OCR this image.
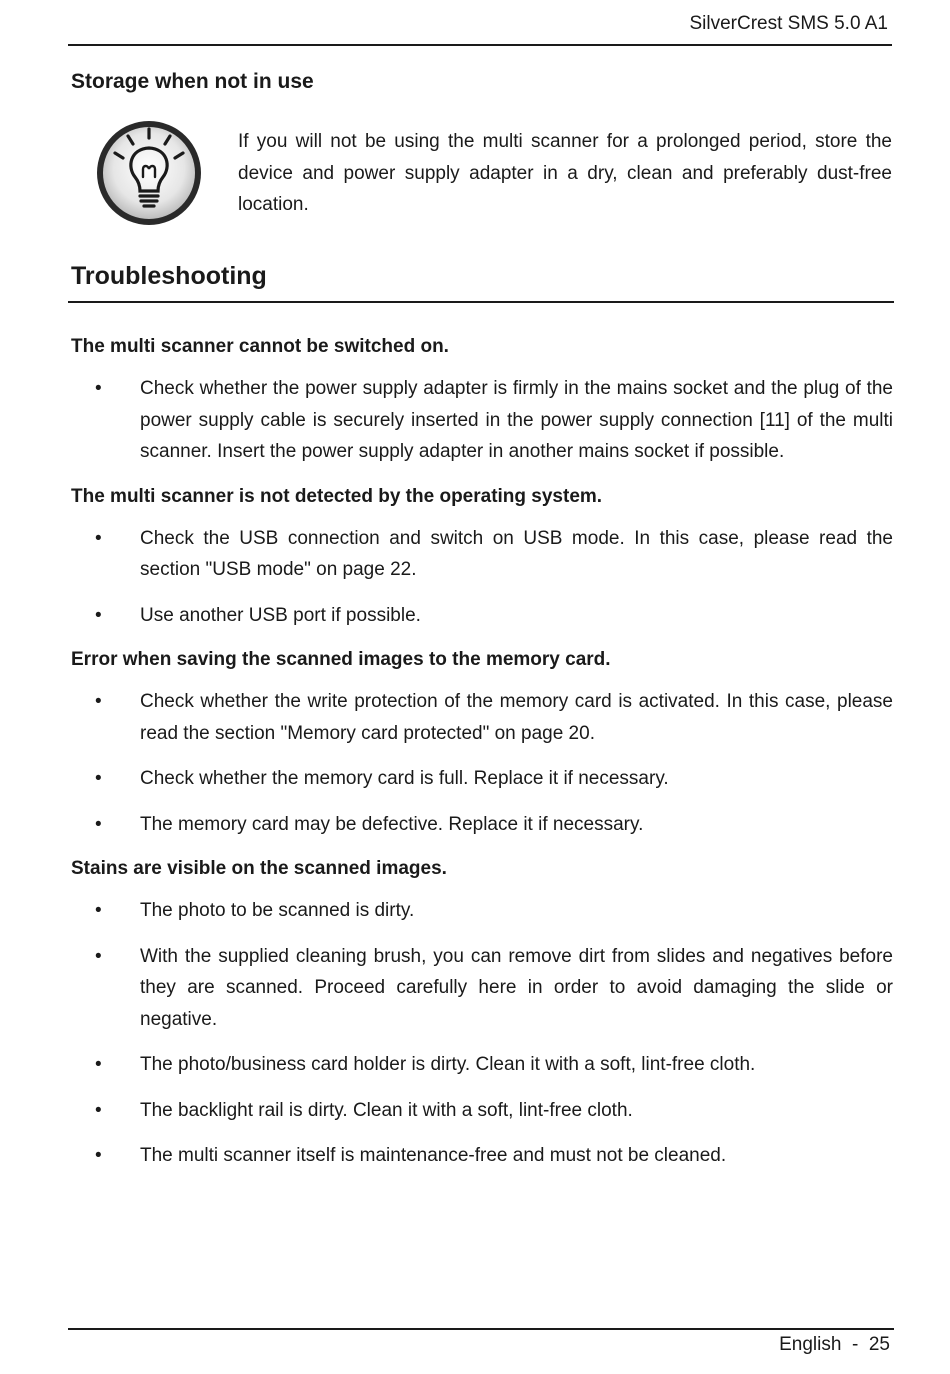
SilverCrest SMS 5.0 A1
Storage when not in use

If you will not be using the multi scanner for a prolonged period, store the device and power supply adapter in a dry, clean and preferably dust-free location.

Troubleshooting
The multi scanner cannot be switched on.
• Check whether the power supply adapter is firmly in the mains socket and the plug of the power supply cable is securely inserted in the power supply connection [11] of the multi scanner. Insert the power supply adapter in another mains socket if possible.
The multi scanner is not detected by the operating system.
• Check the USB connection and switch on USB mode. In this case, please read the section "USB mode" on page 22.
• Use another USB port if possible.
Error when saving the scanned images to the memory card.
• Check whether the write protection of the memory card is activated. In this case, please read the section "Memory card protected" on page 20.
• Check whether the memory card is full. Replace it if necessary.
• The memory card may be defective. Replace it if necessary.
Stains are visible on the scanned images.
• The photo to be scanned is dirty.
• With the supplied cleaning brush, you can remove dirt from slides and negatives before they are scanned. Proceed carefully here in order to avoid damaging the slide or negative.
• The photo/business card holder is dirty. Clean it with a soft, lint-free cloth.
• The backlight rail is dirty. Clean it with a soft, lint-free cloth.
• The multi scanner itself is maintenance-free and must not be cleaned.
English  -  25
